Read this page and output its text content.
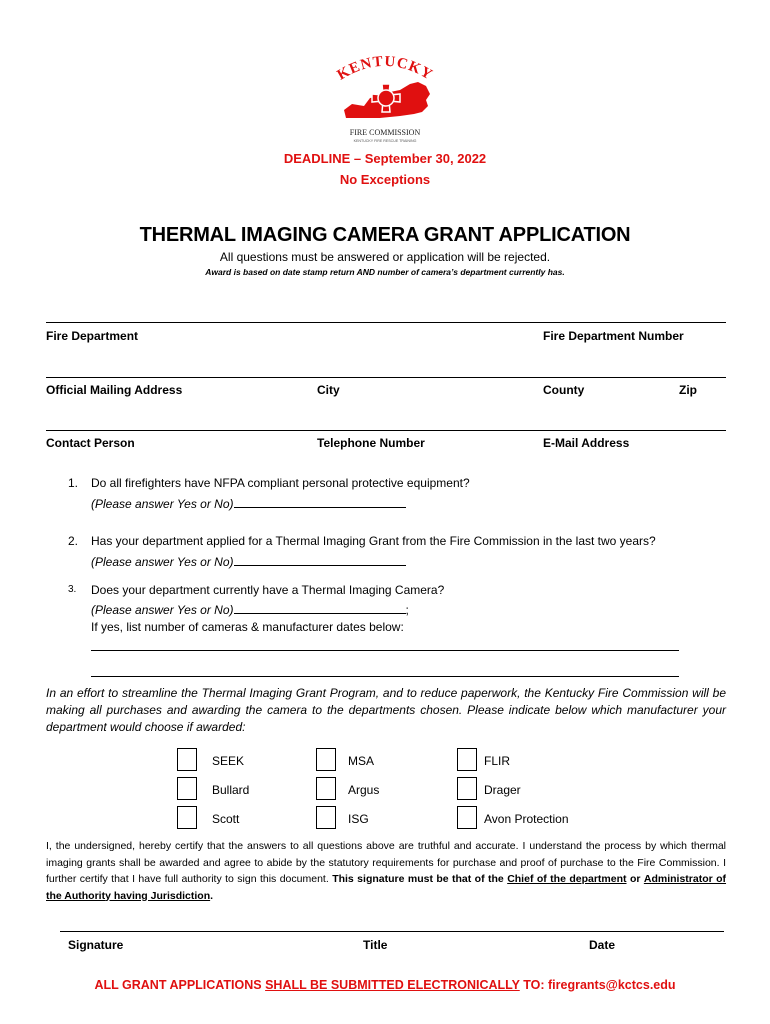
KENTUCKY
FIRE COMMISSION
KENTUCKY FIRE RESCUE TRAINING
DEADLINE – September 30, 2022
No Exceptions
THERMAL IMAGING CAMERA GRANT APPLICATION
All questions must be answered or application will be rejected.
Award is based on date stamp return AND number of camera’s department currently has.
Fire Department	Fire Department Number
Official Mailing Address	City	County	Zip
Contact Person	Telephone Number	E-Mail Address
1. Do all firefighters have NFPA compliant personal protective equipment?
(Please answer Yes or No)
2. Has your department applied for a Thermal Imaging Grant from the Fire Commission in the last two years?
(Please answer Yes or No)
3. Does your department currently have a Thermal Imaging Camera?
(Please answer Yes or No)	;
If yes, list number of cameras & manufacturer dates below:
In an effort to streamline the Thermal Imaging Grant Program, and to reduce paperwork, the Kentucky Fire Commission will be making all purchases and awarding the camera to the departments chosen. Please indicate below which manufacturer your department would choose if awarded:
SEEK	MSA	FLIR
Bullard	Argus	Drager
Scott	ISG	Avon Protection
I, the undersigned, hereby certify that the answers to all questions above are truthful and accurate. I understand the process by which thermal imaging grants shall be awarded and agree to abide by the statutory requirements for purchase and proof of purchase to the Fire Commission. I further certify that I have full authority to sign this document. This signature must be that of the Chief of the department or Administrator of the Authority having Jurisdiction.
Signature	Title	Date
ALL GRANT APPLICATIONS SHALL BE SUBMITTED ELECTRONICALLY TO: firegrants@kctcs.edu
